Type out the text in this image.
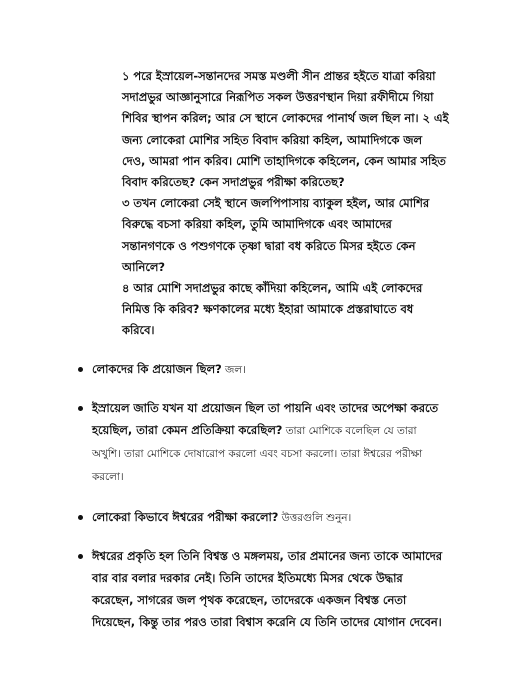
১ পরে ইস্রায়েল-সন্তানদের সমস্ত মণ্ডলী সীন প্রান্তর হইতে যাত্রা করিয়া
সদাপ্রভুর আজ্ঞানুসারে নিরূপিত সকল উত্তরণস্থান দিয়া রফীদীমে গিয়া
শিবির স্থাপন করিল; আর সে স্থানে লোকদের পানার্থ জল ছিল না। ২ এই
জন্য লোকেরা মোশির সহিত বিবাদ করিয়া কহিল, আমাদিগকে জল
দেও, আমরা পান করিব। মোশি তাহাদিগকে কহিলেন, কেন আমার সহিত
বিবাদ করিতেছ? কেন সদাপ্রভুর পরীক্ষা করিতেছ?
৩ তখন লোকেরা সেই স্থানে জলপিপাসায় ব্যাকুল হইল, আর মোশির
বিরুদ্ধে বচসা করিয়া কহিল, তুমি আমাদিগকে এবং আমাদের
সন্তানগণকে ও পশুগণকে তৃষ্ণা দ্বারা বধ করিতে মিসর হইতে কেন
আনিলে?
৪ আর মোশি সদাপ্রভুর কাছে কাঁদিয়া কহিলেন, আমি এই লোকদের
নিমিত্ত কি করিব? ক্ষণকালের মধ্যে ইহারা আমাকে প্রস্তরাঘাতে বধ
করিবে।
লোকদের কি প্রয়োজন ছিল? জল।
ইস্রায়েল জাতি যখন যা প্রয়োজন ছিল তা পায়নি এবং তাদের অপেক্ষা করতে
হয়েছিল, তারা কেমন প্রতিক্রিয়া করেছিল? তারা মোশিকে বলেছিল যে তারা
অখুশি। তারা মোশিকে দোষারোপ করলো এবং বচসা করলো। তারা ঈশ্বরের পরীক্ষা
করলো।
লোকেরা কিভাবে ঈশ্বরের পরীক্ষা করলো? উত্তরগুলি শুনুন।
ঈশ্বরের প্রকৃতি হল তিনি বিশ্বস্ত ও মঙ্গলময়, তার প্রমানের জন্য তাকে আমাদের
বার বার বলার দরকার নেই। তিনি তাদের ইতিমধ্যে মিসর থেকে উদ্ধার
করেছেন, সাগরের জল পৃথক করেছেন, তাদেরকে একজন বিশ্বস্ত নেতা
দিয়েছেন, কিন্তু তার পরও তারা বিশ্বাস করেনি যে তিনি তাদের যোগান দেবেন।
